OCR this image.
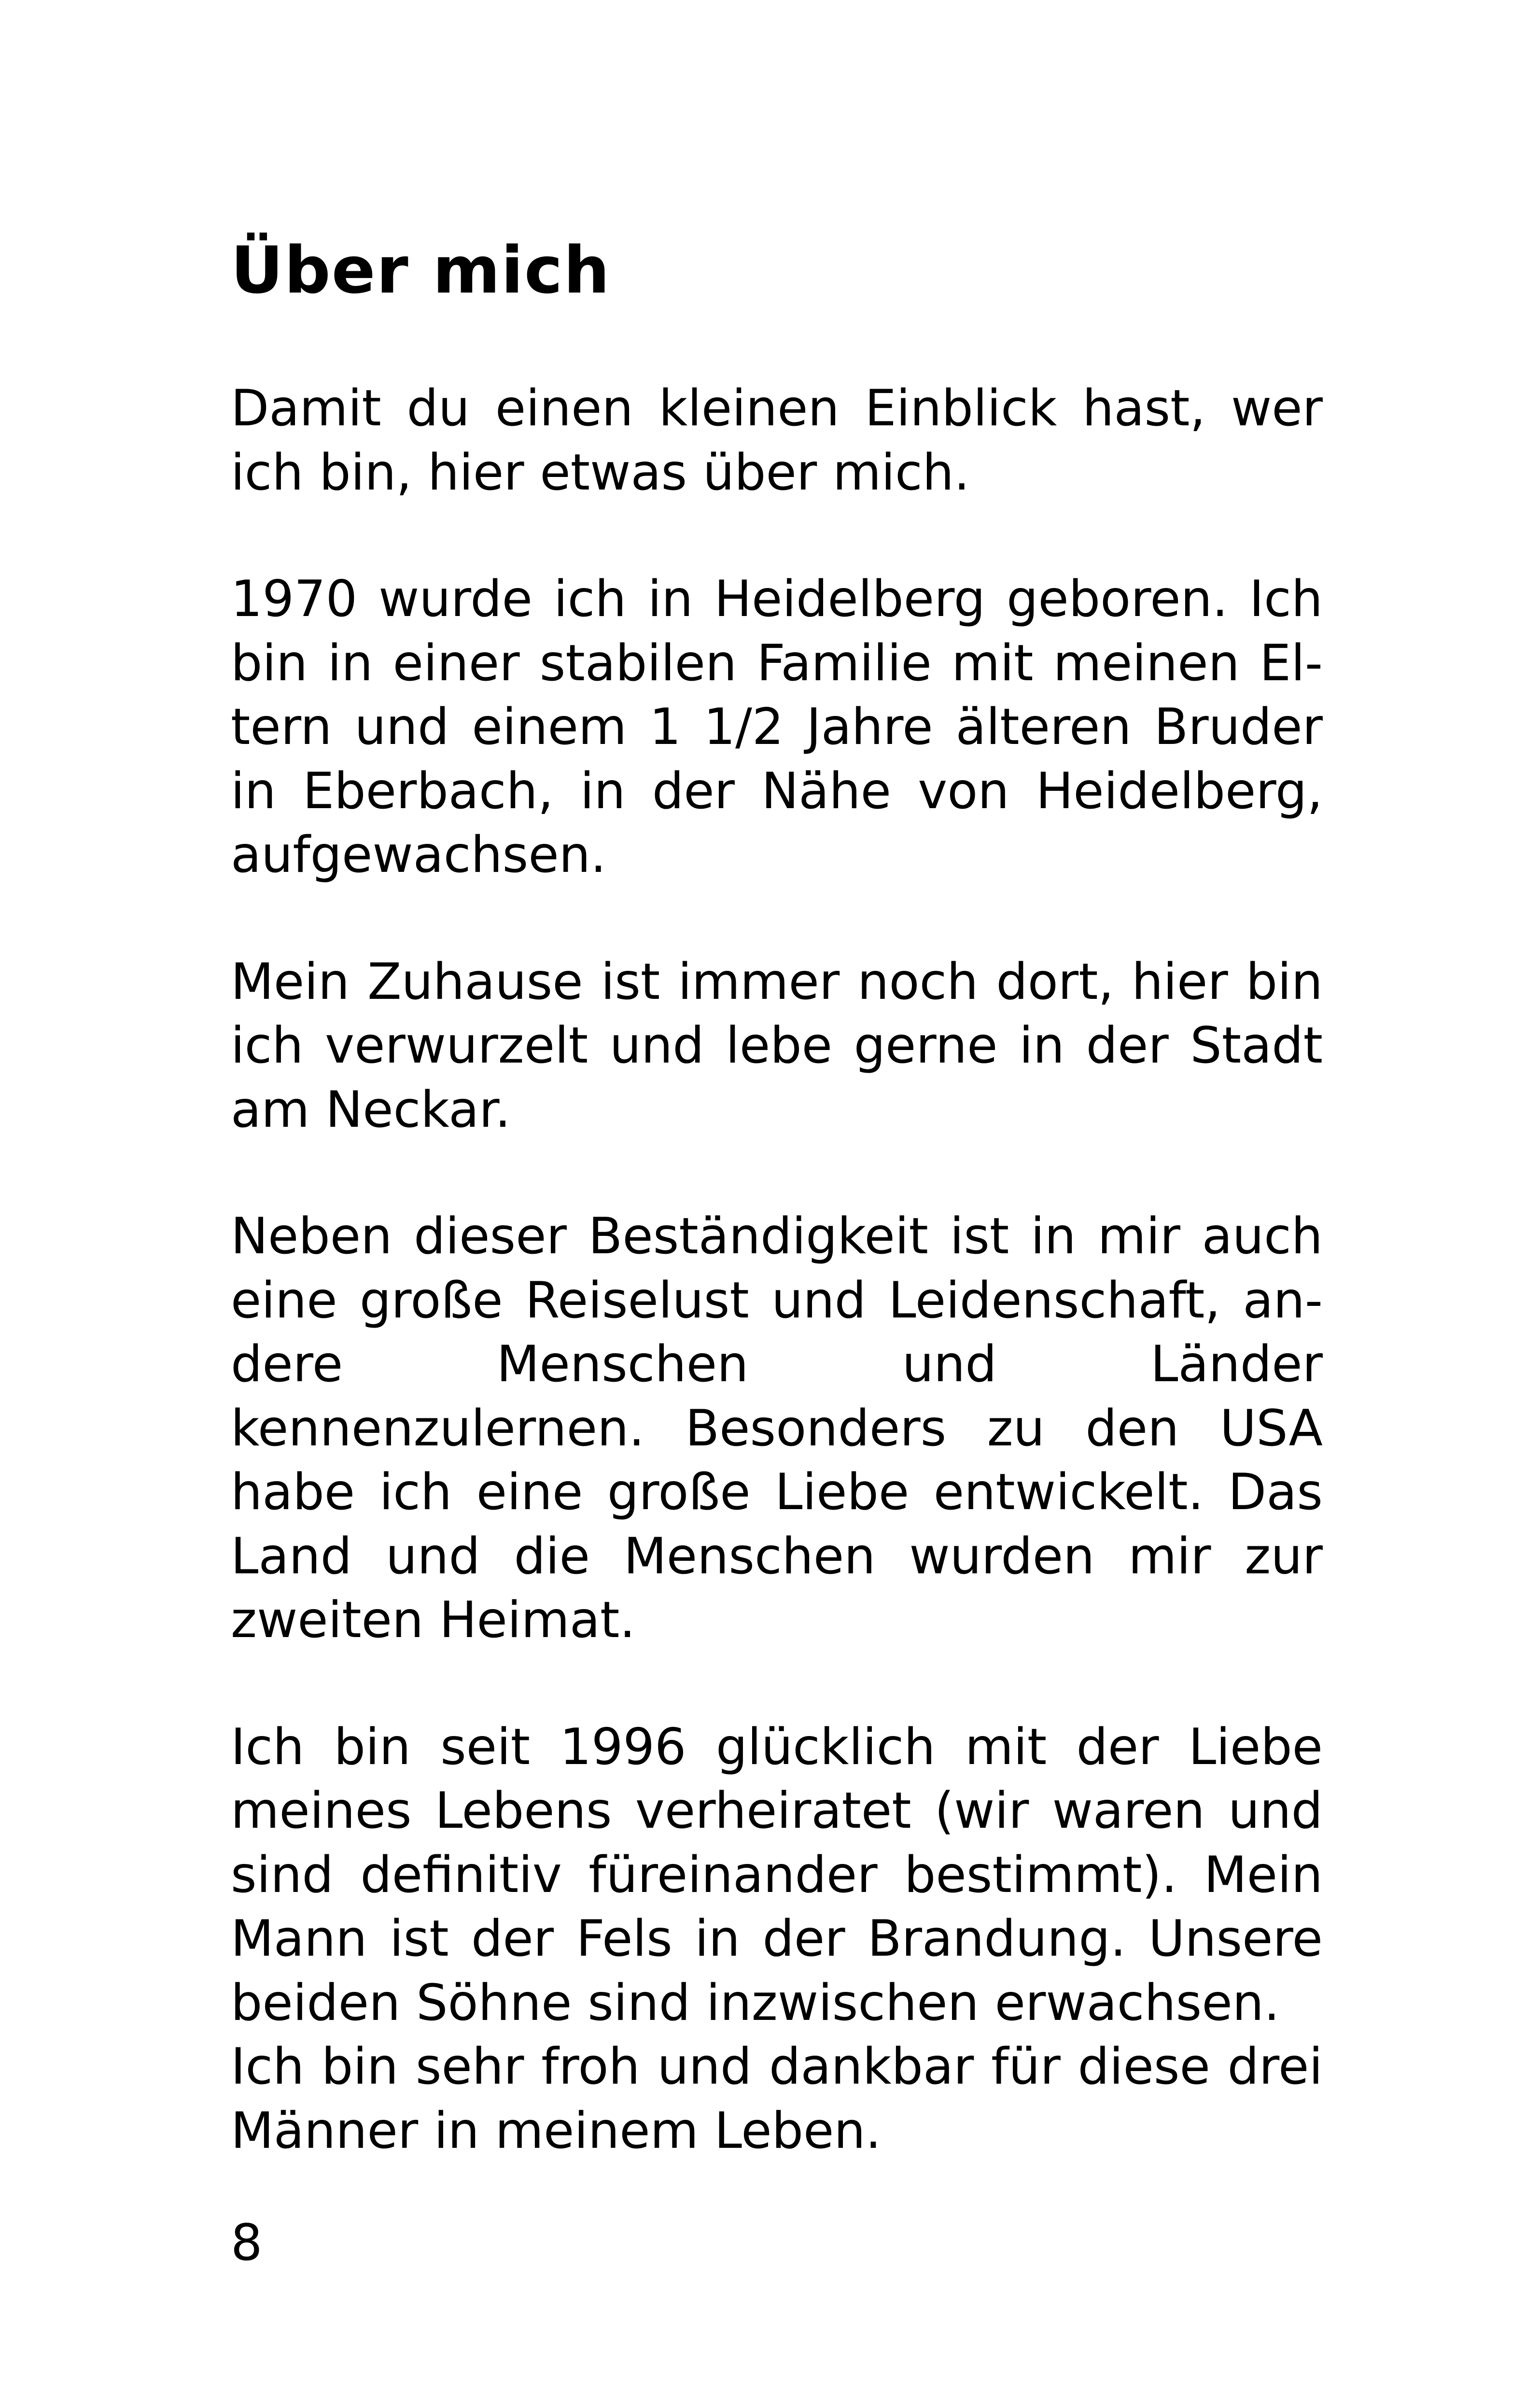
Über mich

Damit du einen kleinen Einblick hast, wer ich bin, hier etwas über mich.

1970 wurde ich in Heidelberg geboren. Ich bin in einer stabilen Familie mit meinen Eltern und einem 1 1/2 Jahre älteren Bruder in Eberbach, in der Nähe von Heidelberg, aufgewachsen.

Mein Zuhause ist immer noch dort, hier bin ich verwurzelt und lebe gerne in der Stadt am Neckar.

Neben dieser Beständigkeit ist in mir auch eine große Reiselust und Leidenschaft, andere Menschen und Länder kennenzulernen. Besonders zu den USA habe ich eine große Liebe entwickelt. Das Land und die Menschen wurden mir zur zweiten Heimat.

Ich bin seit 1996 glücklich mit der Liebe meines Lebens verheiratet (wir waren und sind definitiv füreinander bestimmt). Mein Mann ist der Fels in der Brandung. Unsere beiden Söhne sind inzwischen erwachsen.

Ich bin sehr froh und dankbar für diese drei Männer in meinem Leben.

8
